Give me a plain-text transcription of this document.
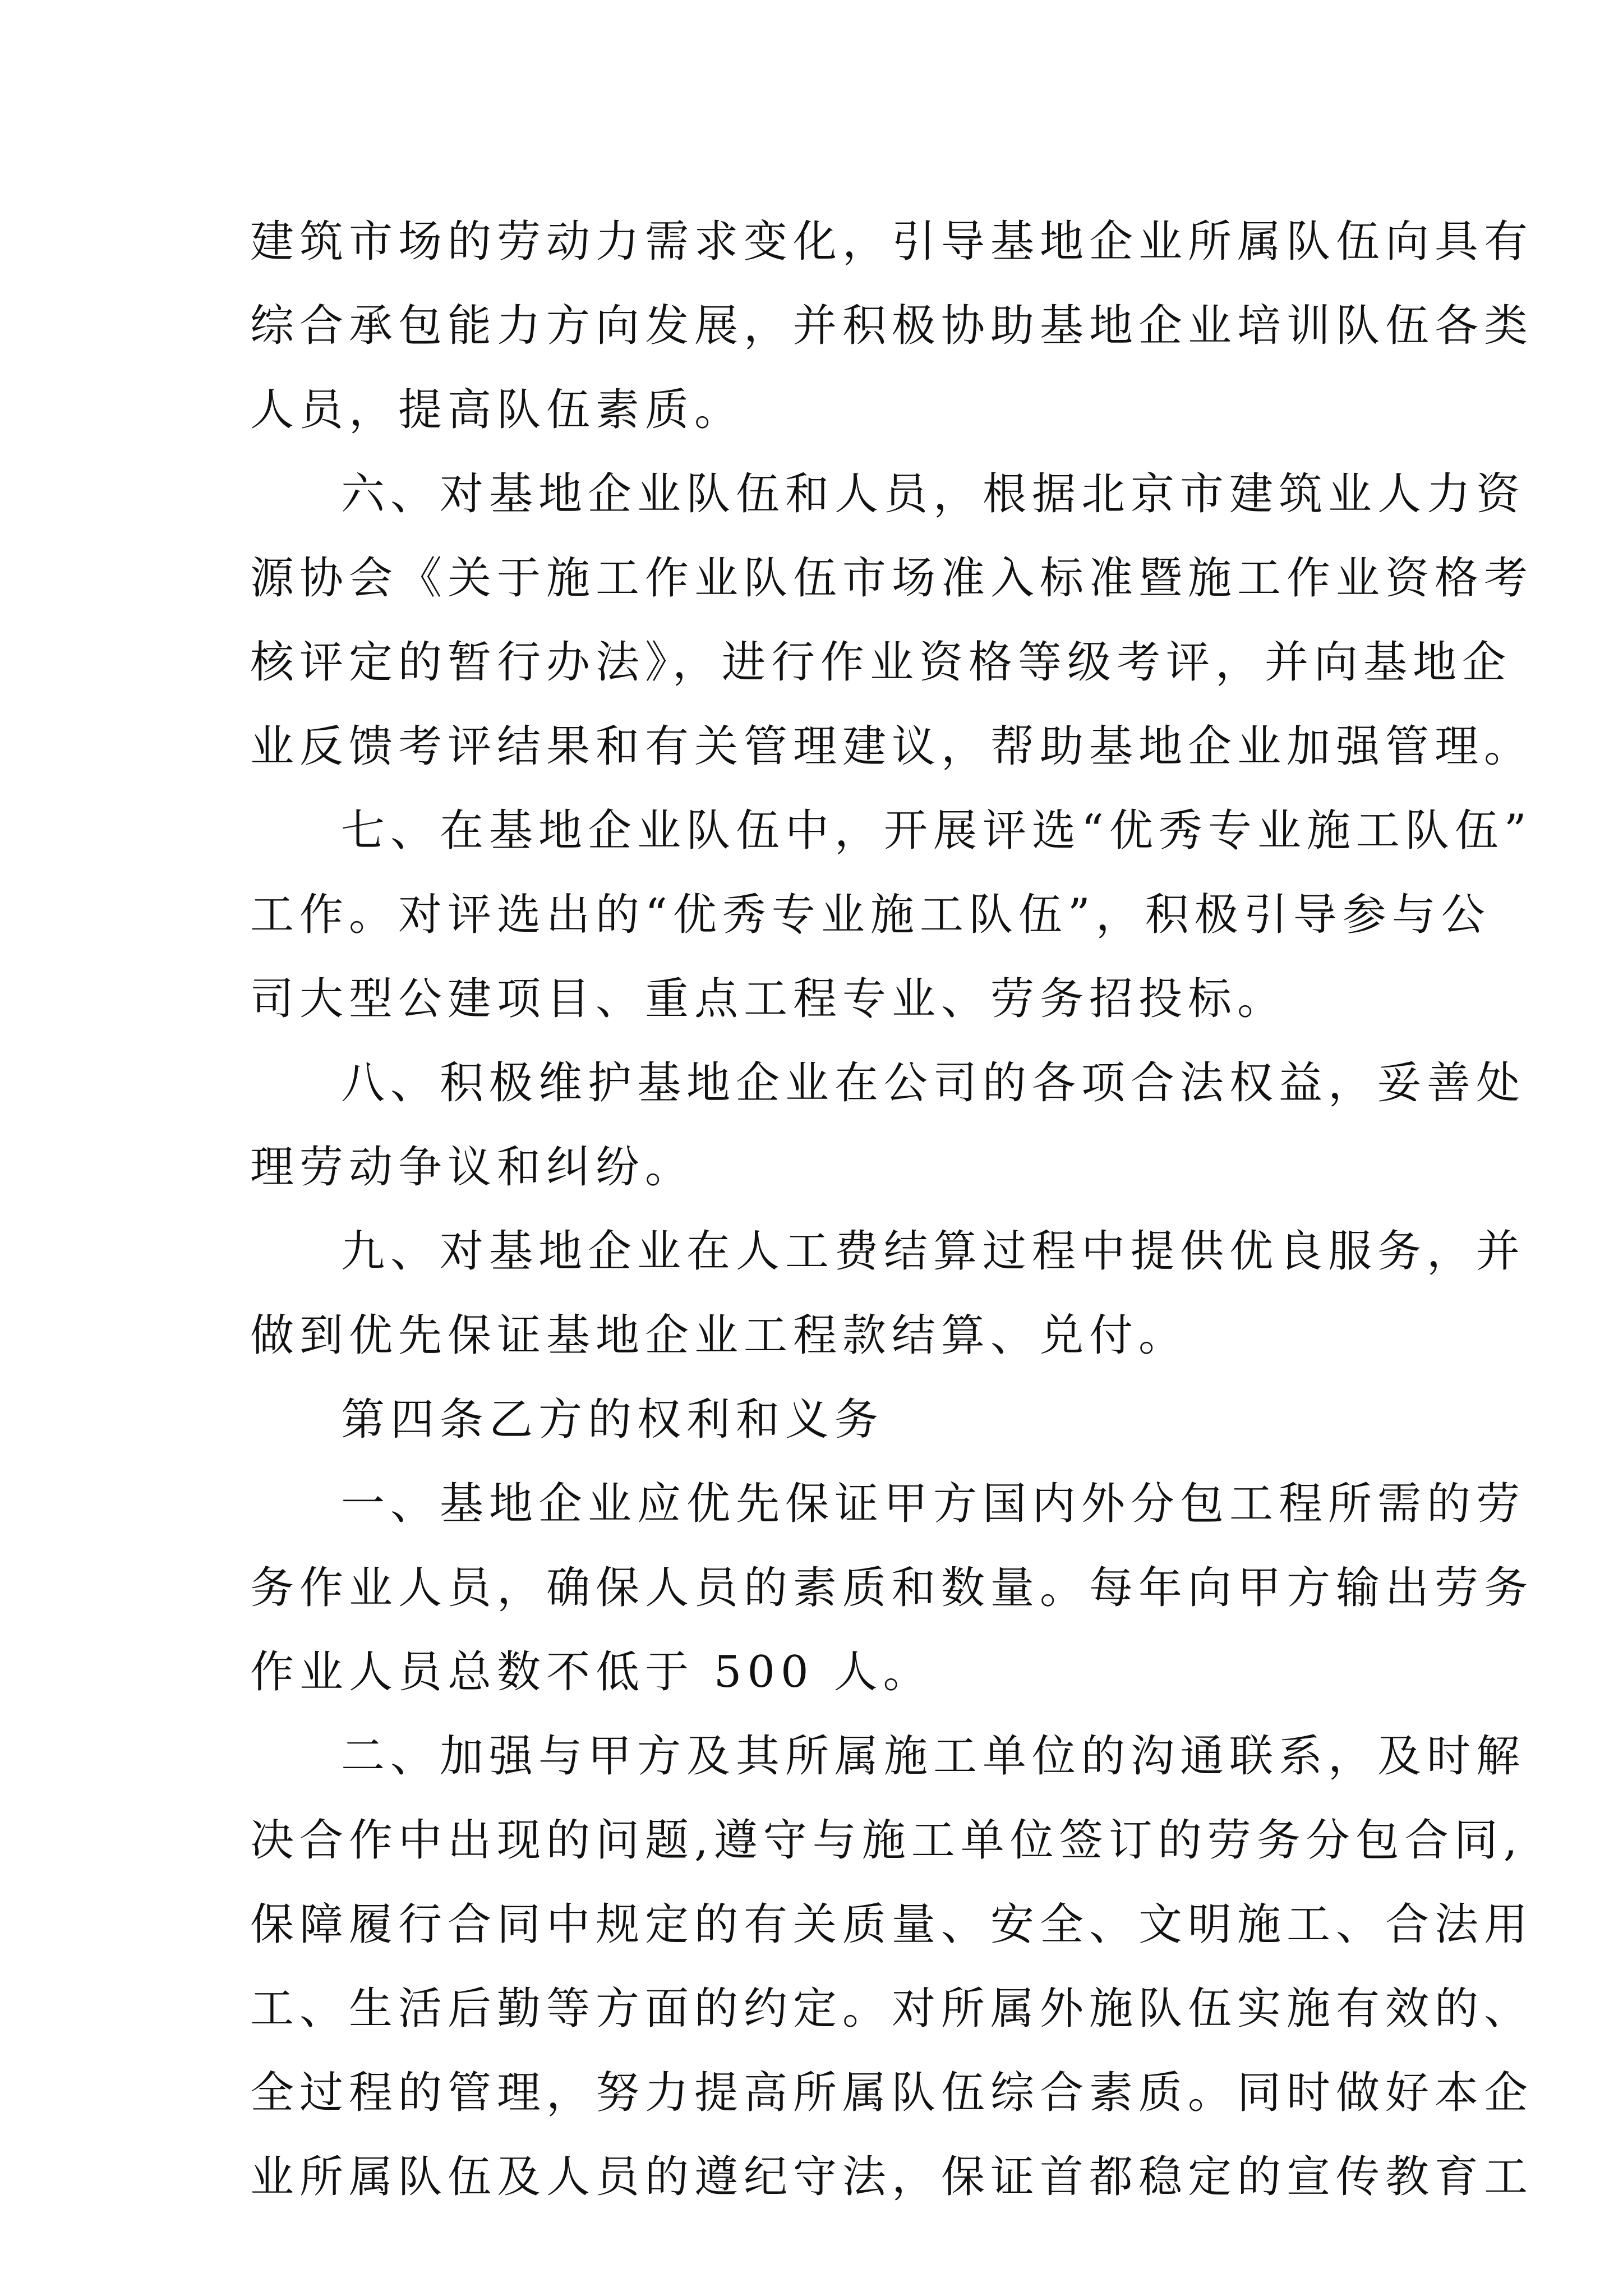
建筑市场的劳动力需求变化，引导基地企业所属队伍向具有
综合承包能力方向发展，并积极协助基地企业培训队伍各类
人员，提高队伍素质。
六、对基地企业队伍和人员，根据北京市建筑业人力资
源协会《关于施工作业队伍市场准入标准暨施工作业资格考
核评定的暂行办法》，进行作业资格等级考评，并向基地企
业反馈考评结果和有关管理建议，帮助基地企业加强管理。
七、在基地企业队伍中，开展评选“优秀专业施工队伍”
工作。对评选出的“优秀专业施工队伍”，积极引导参与公
司大型公建项目、重点工程专业、劳务招投标。
八、积极维护基地企业在公司的各项合法权益，妥善处
理劳动争议和纠纷。
九、对基地企业在人工费结算过程中提供优良服务，并
做到优先保证基地企业工程款结算、兑付。
第四条乙方的权利和义务
一、基地企业应优先保证甲方国内外分包工程所需的劳
务作业人员，确保人员的素质和数量。每年向甲方输出劳务
作业人员总数不低于 500 人。
二、加强与甲方及其所属施工单位的沟通联系，及时解
决合作中出现的问题,遵守与施工单位签订的劳务分包合同,
保障履行合同中规定的有关质量、安全、文明施工、合法用
工、生活后勤等方面的约定。对所属外施队伍实施有效的、
全过程的管理，努力提高所属队伍综合素质。同时做好本企
业所属队伍及人员的遵纪守法，保证首都稳定的宣传教育工
